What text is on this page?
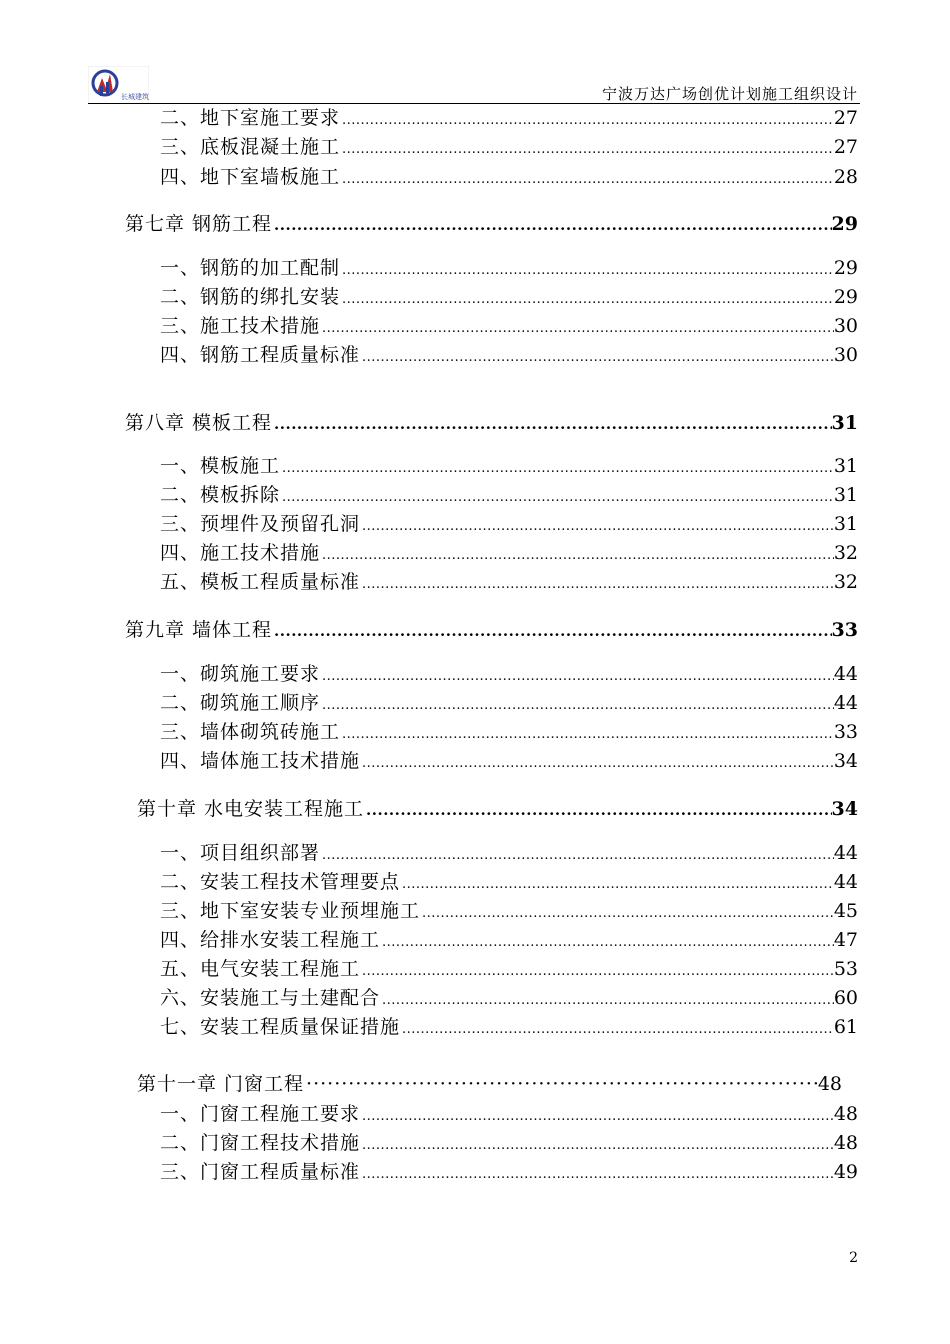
长城建筑	宁波万达广场创优计划施工组织设计
二、地下室施工要求 .....	27
三、底板混凝土施工 .....	27
四、地下室墙板施工 .....	28
第七章 钢筋工程 .....	29
一、钢筋的加工配制 .....	29
二、钢筋的绑扎安装 .....	29
三、施工技术措施 .....	30
四、钢筋工程质量标准 .....	30
第八章 模板工程 .....	31
一、模板施工 .....	31
二、模板拆除 .....	31
三、预埋件及预留孔洞 .....	31
四、施工技术措施 .....	32
五、模板工程质量标准 .....	32
第九章 墙体工程 .....	33
一、砌筑施工要求 .....	44
二、砌筑施工顺序 .....	44
三、墙体砌筑砖施工 .....	33
四、墙体施工技术措施 .....	34
第十章 水电安装工程施工 .....	34
一、项目组织部署 .....	44
二、安装工程技术管理要点 .....	44
三、地下室安装专业预埋施工 .....	45
四、给排水安装工程施工 .....	47
五、电气安装工程施工 .....	53
六、安装施工与土建配合 .....	60
七、安装工程质量保证措施 .....	61
第十一章 门窗工程 ·····	48
一、门窗工程施工要求 .....	48
二、门窗工程技术措施 .....	48
三、门窗工程质量标准 .....	49
2
